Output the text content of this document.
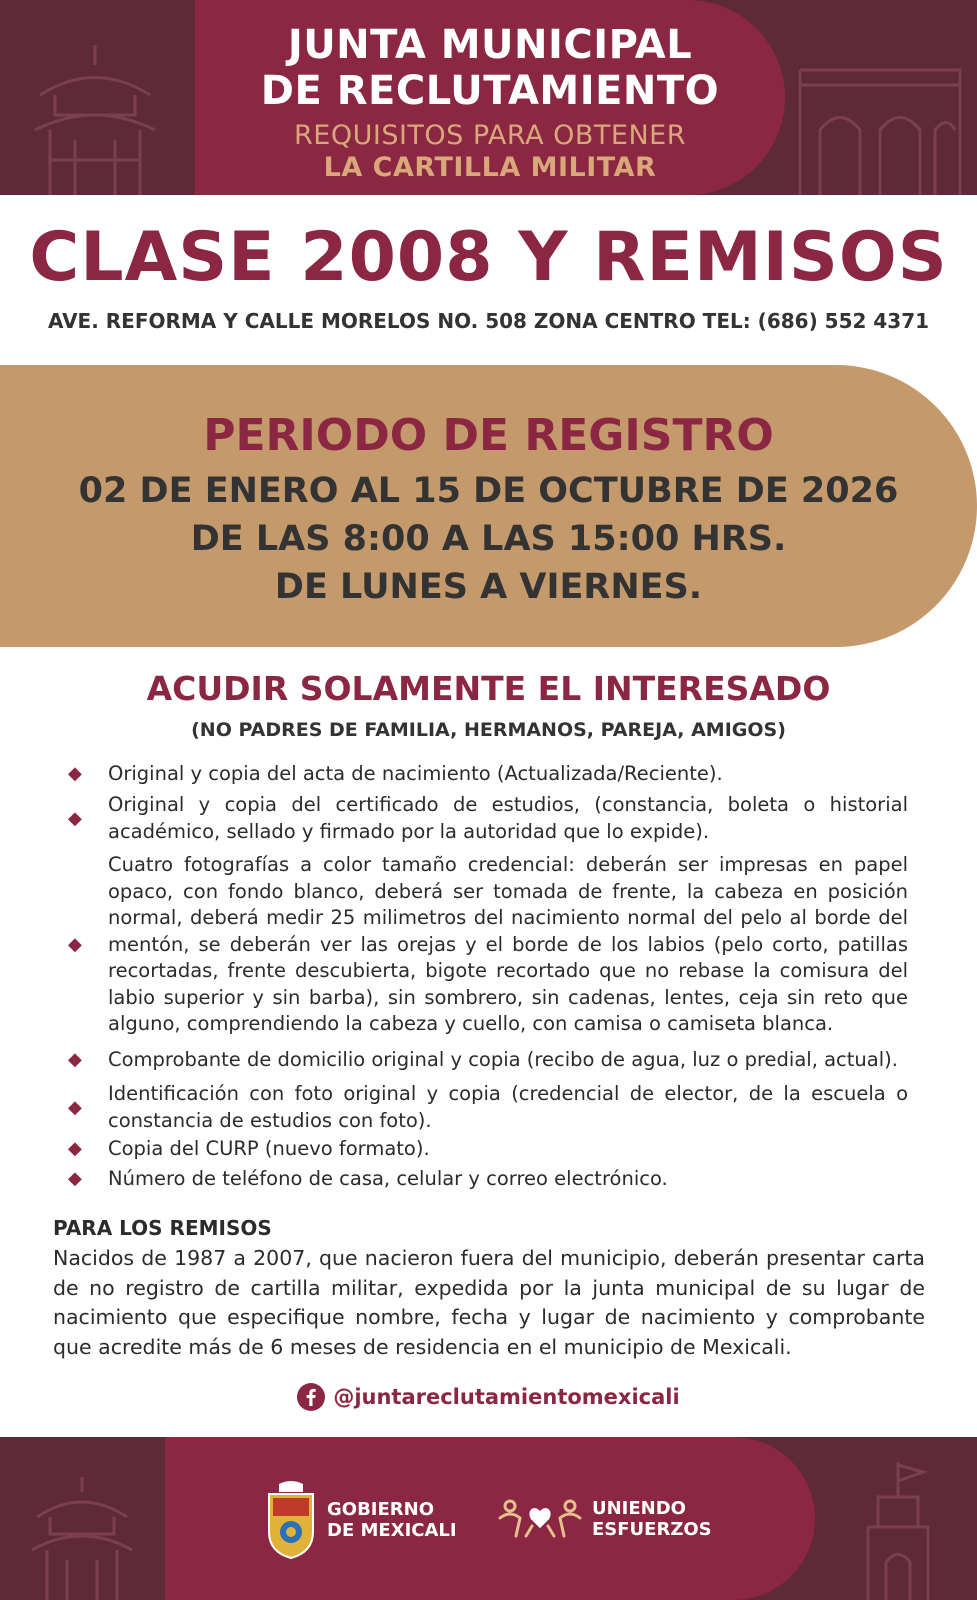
JUNTA MUNICIPAL
DE RECLUTAMIENTO
REQUISITOS PARA OBTENER
LA CARTILLA MILITAR
CLASE 2008 Y REMISOS
AVE. REFORMA Y CALLE MORELOS NO. 508 ZONA CENTRO TEL: (686) 552 4371
PERIODO DE REGISTRO
02 DE ENERO AL 15 DE OCTUBRE DE 2026
DE LAS 8:00 A LAS 15:00 HRS.
DE LUNES A VIERNES.
ACUDIR SOLAMENTE EL INTERESADO
(NO PADRES DE FAMILIA, HERMANOS, PAREJA, AMIGOS)
◆	Original y copia del acta de nacimiento (Actualizada/Reciente).
◆
Original y copia del certificado de estudios, (constancia, boleta o historial académico, sellado y firmado por la autoridad que lo expide).
◆
Cuatro fotografías a color tamaño credencial: deberán ser impresas en papel opaco, con fondo blanco, deberá ser tomada de frente, la cabeza en posición normal, deberá medir 25 milimetros del nacimiento normal del pelo al borde del mentón, se deberán ver las orejas y el borde de los labios (pelo corto, patillas recortadas, frente descubierta, bigote recortado que no rebase la comisura del labio superior y sin barba), sin sombrero, sin cadenas, lentes, ceja sin reto que alguno, comprendiendo la cabeza y cuello, con camisa o camiseta blanca.
◆	Comprobante de domicilio original y copia (recibo de agua, luz o predial, actual).
◆
Identificación con foto original y copia (credencial de elector, de la escuela o constancia de estudios con foto).
◆	Copia del CURP (nuevo formato).
◆	Número de teléfono de casa, celular y correo electrónico.
PARA LOS REMISOS
Nacidos de 1987 a 2007, que nacieron fuera del municipio, deberán presentar carta de no registro de cartilla militar, expedida por la junta municipal de su lugar de nacimiento que especifique nombre, fecha y lugar de nacimiento y comprobante que acredite más de 6 meses de residencia en el municipio de Mexicali.
@juntareclutamientomexicali
GOBIERNO
DE MEXICALI
UNIENDO
ESFUERZOS
